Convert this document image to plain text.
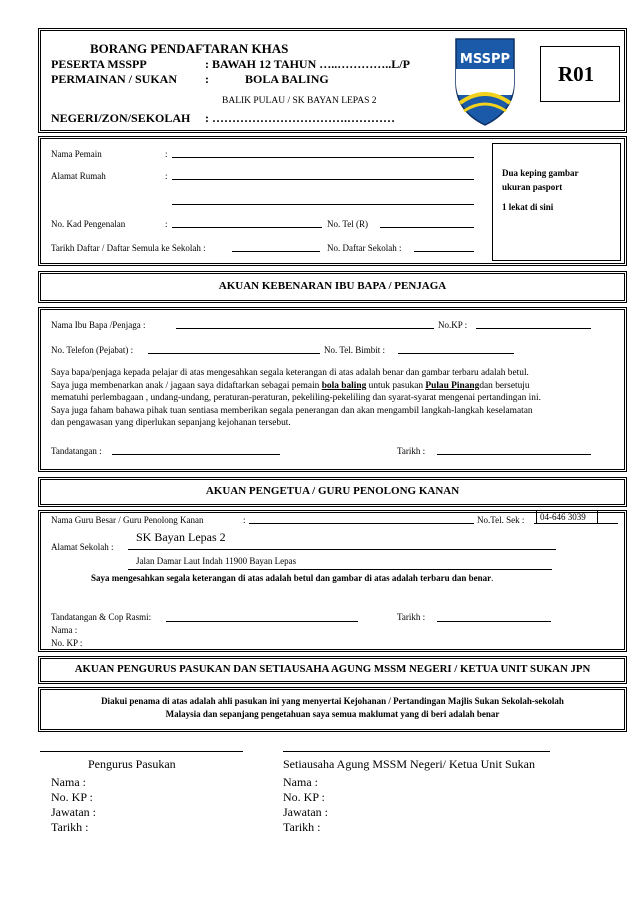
BORANG PENDAFTARAN KHAS
PESERTA MSSPP	: BAWAH 12 TAHUN …..…………..L/P
PERMAINAN / SUKAN :	BOLA BALING
BALIK PULAU / SK BAYAN LEPAS 2
NEGERI/ZON/SEKOLAH : …………………………….…………
MSSPP
R01
Nama Pemain	:
Alamat Rumah	:
No. Kad Pengenalan	:	No. Tel (R)
Tarikh Daftar / Daftar Semula ke Sekolah :	No. Daftar Sekolah :
Dua keping gambar
ukuran pasport
1 lekat di sini
AKUAN KEBENARAN IBU BAPA / PENJAGA
Nama Ibu Bapa /Penjaga :	No.KP :
No. Telefon (Pejabat) :	No. Tel. Bimbit :
Saya bapa/penjaga kepada pelajar di atas mengesahkan segala keterangan di atas adalah benar dan gambar terbaru adalah betul.
Saya juga membenarkan anak / jagaan saya didaftarkan sebagai pemain bola baling untuk pasukan Pulau Pinangdan bersetuju
mematuhi perlembagaan , undang-undang, peraturan-peraturan, pekeliling-pekeliling dan syarat-syarat mengenai pertandingan ini.
Saya juga faham bahawa pihak tuan sentiasa memberikan segala penerangan dan akan mengambil langkah-langkah keselamatan
dan pengawasan yang diperlukan sepanjang kejohanan tersebut.
Tandatangan :	Tarikh :
AKUAN PENGETUA / GURU PENOLONG KANAN
Nama Guru Besar / Guru Penolong Kanan	:	No.Tel. Sek : 04-646 3039
Alamat Sekolah :
SK Bayan Lepas 2
Jalan Damar Laut Indah 11900 Bayan Lepas
Saya mengesahkan segala keterangan di atas adalah betul dan gambar di atas adalah terbaru dan benar.
Tandatangan & Cop Rasmi:	Tarikh :
Nama :
No. KP :
AKUAN PENGURUS PASUKAN DAN SETIAUSAHA AGUNG MSSM NEGERI / KETUA UNIT SUKAN JPN
Diakui penama di atas adalah ahli pasukan ini yang menyertai Kejohanan / Pertandingan Majlis Sukan Sekolah-sekolah
Malaysia dan sepanjang pengetahuan saya semua maklumat yang di beri adalah benar
Pengurus Pasukan	Setiausaha Agung MSSM Negeri/ Ketua Unit Sukan
Nama :
No. KP :
Jawatan :
Tarikh :
Nama :
No. KP :
Jawatan :
Tarikh :
